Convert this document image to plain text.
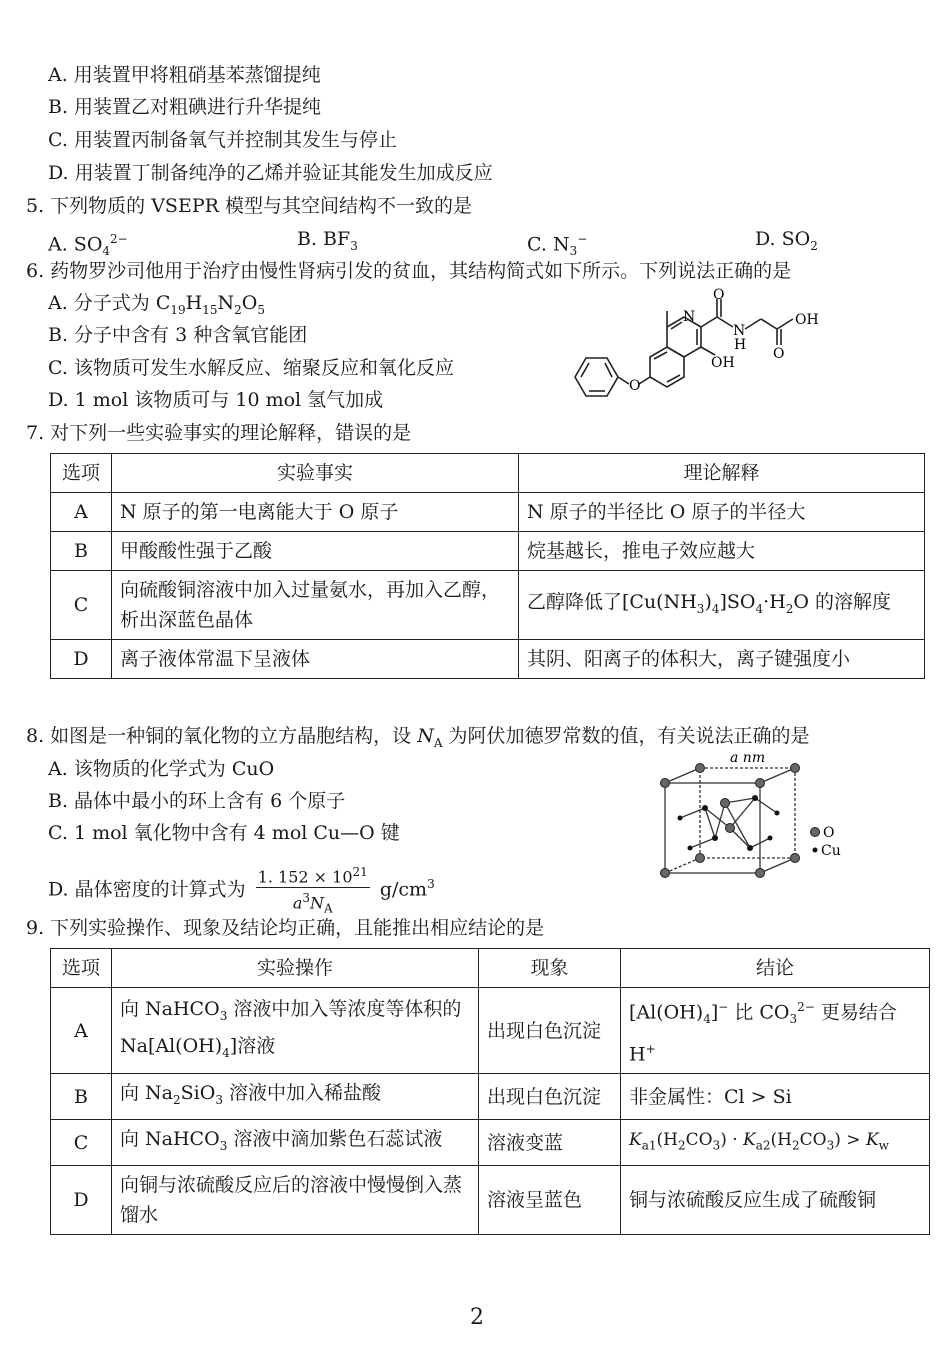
A. 用装置甲将粗硝基苯蒸馏提纯
B. 用装置乙对粗碘进行升华提纯
C. 用装置丙制备氧气并控制其发生与停止
D. 用装置丁制备纯净的乙烯并验证其能发生加成反应
5. 下列物质的 VSEPR 模型与其空间结构不一致的是
A. $SO_4^{2-}$	B. $BF_3$	C. $N_3^-$	D. $SO_2$
6. 药物罗沙司他用于治疗由慢性肾病引发的贫血，其结构简式如下所示。下列说法正确的是
A. 分子式为 $C_{19}H_{15}N_2O_5$
B. 分子中含有 3 种含氧官能团
C. 该物质可发生水解反应、缩聚反应和氧化反应
D. 1 mol 该物质可与 10 mol 氢气加成
O
N
O
N
H
O
OH
OH
7. 对下列一些实验事实的理论解释，错误的是
选项	实验事实	理论解释
A	N 原子的第一电离能大于 O 原子	N 原子的半径比 O 原子的半径大
B	甲酸酸性强于乙酸	烷基越长，推电子效应越大
C	向硫酸铜溶液中加入过量氨水，再加入乙醇，析出深蓝色晶体	乙醇降低了$[Cu(NH_3)_4]SO_4\cdot H_2O$ 的溶解度
D	离子液体常温下呈液体	其阴、阳离子的体积大，离子键强度小
8. 如图是一种铜的氧化物的立方晶胞结构，设 $N_A$ 为阿伏加德罗常数的值，有关说法正确的是
A. 该物质的化学式为 CuO
B. 晶体中最小的环上含有 6 个原子
C. 1 mol 氧化物中含有 4 mol Cu—O 键
D. 晶体密度的计算式为 $\frac{1. 152 \times 10^{21}}{a^3N_A} g/cm^3$
a nm
O
Cu
9. 下列实验操作、现象及结论均正确，且能推出相应结论的是
选项	实验操作	现象	结论
A	向 NaHCO$_3$ 溶液中加入等浓度等体积的 $Na[Al(OH)_4]$溶液	出现白色沉淀	$[Al(OH)_4]^-$ 比 $CO_3^{2-}$ 更易结合 H+
B	向 $Na_2SiO_3$ 溶液中加入稀盐酸	出现白色沉淀	非金属性：Cl > Si
C	向 NaHCO$_3$ 溶液中滴加紫色石蕊试液	溶液变蓝	$K_{a1}(H_2CO_3) \cdot K_{a2}(H_2CO_3) > K_w$
D	向铜与浓硫酸反应后的溶液中慢慢倒入蒸馏水	溶液呈蓝色	铜与浓硫酸反应生成了硫酸铜
2
